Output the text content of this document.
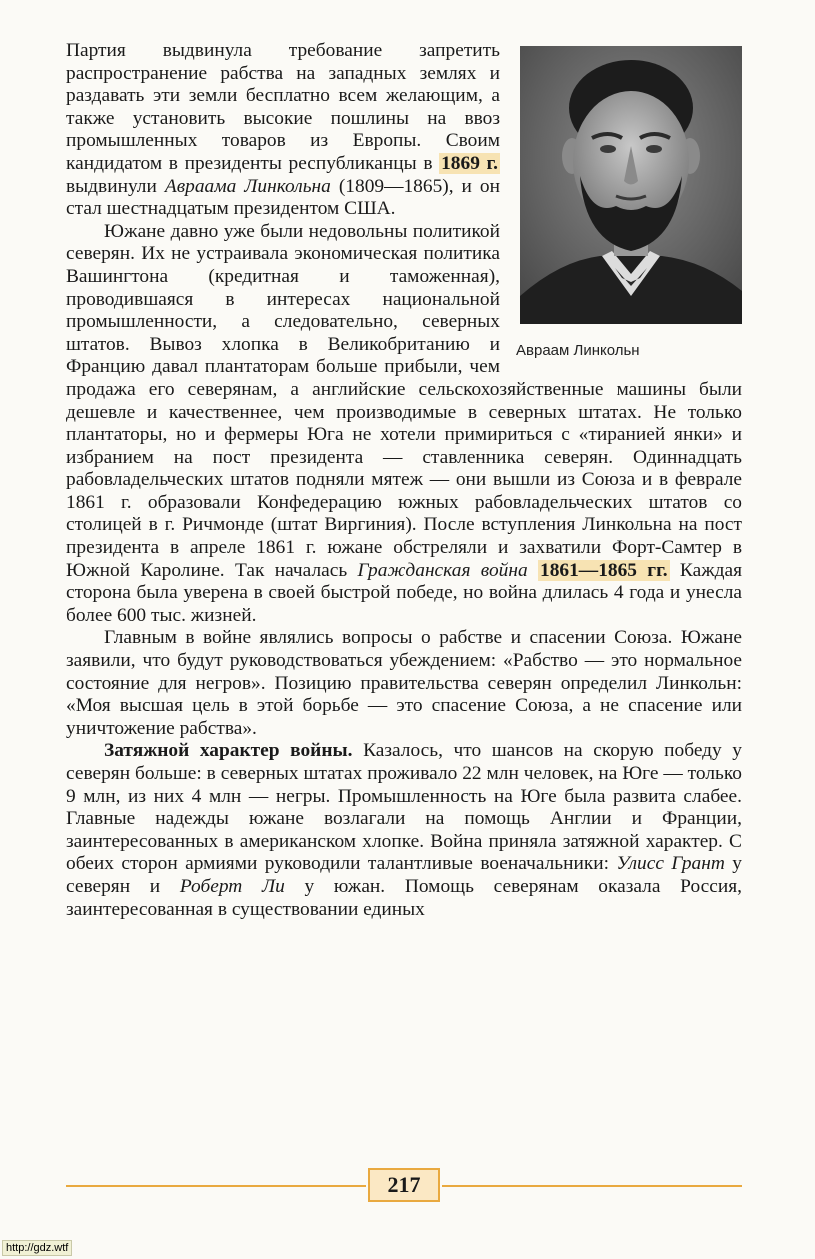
Авраам Линкольн

Партия выдвинула требование запретить распространение рабства на западных землях и раздавать эти земли бесплатно всем желающим, а также установить высокие пошлины на ввоз промышленных товаров из Европы. Своим кандидатом в президенты республиканцы в 1869 г. выдвинули Авраама Линкольна (1809—1865), и он стал шестнадцатым президентом США.

Южане давно уже были недовольны политикой северян. Их не устраивала экономическая политика Вашингтона (кредитная и таможенная), проводившаяся в интересах национальной промышленности, а следовательно, северных штатов. Вывоз хлопка в Великобританию и Францию давал плантаторам больше прибыли, чем продажа его северянам, а английские сельскохозяйственные машины были дешевле и качественнее, чем производимые в северных штатах. Не только плантаторы, но и фермеры Юга не хотели примириться с «тиранией янки» и избранием на пост президента — ставленника северян. Одиннадцать рабовладельческих штатов подняли мятеж — они вышли из Союза и в феврале 1861 г. образовали Конфедерацию южных рабовладельческих штатов со столицей в г. Ричмонде (штат Виргиния). После вступления Линкольна на пост президента в апреле 1861 г. южане обстреляли и захватили Форт-Самтер в Южной Каролине. Так началась Гражданская война 1861—1865 гг. Каждая сторона была уверена в своей быстрой победе, но война длилась 4 года и унесла более 600 тыс. жизней.

Главным в войне являлись вопросы о рабстве и спасении Союза. Южане заявили, что будут руководствоваться убеждением: «Рабство — это нормальное состояние для негров». Позицию правительства северян определил Линкольн: «Моя высшая цель в этой борьбе — это спасение Союза, а не спасение или уничтожение рабства».

Затяжной характер войны. Казалось, что шансов на скорую победу у северян больше: в северных штатах проживало 22 млн человек, на Юге — только 9 млн, из них 4 млн — негры. Промышленность на Юге была развита слабее. Главные надежды южане возлагали на помощь Англии и Франции, заинтересованных в американском хлопке. Война приняла затяжной характер. С обеих сторон армиями руководили талантливые военачальники: Улисс Грант у северян и Роберт Ли у южан. Помощь северянам оказала Россия, заинтересованная в существовании единых

217
http://gdz.wtf
